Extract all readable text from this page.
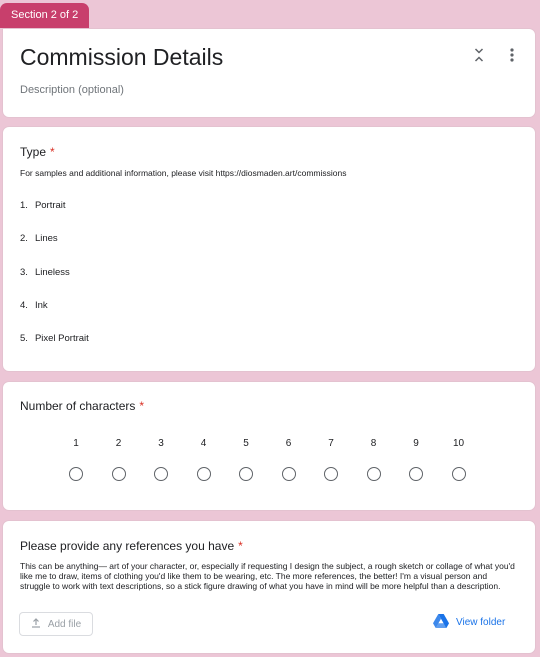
Section 2 of 2
Commission Details
Description (optional)
Type *
For samples and additional information, please visit https://diosmaden.art/commissions
1. Portrait
2. Lines
3. Lineless
4. Ink
5. Pixel Portrait
Number of characters *
1	2	3	4	5	6	7	8	9	10
Please provide any references you have *
This can be anything— art of your character, or, especially if requesting I design the subject, a rough sketch or collage of what you'd like me to draw, items of clothing you'd like them to be wearing, etc. The more references, the better! I'm a visual person and struggle to work with text descriptions, so a stick figure drawing of what you have in mind will be more helpful than a description.
Add file	View folder
